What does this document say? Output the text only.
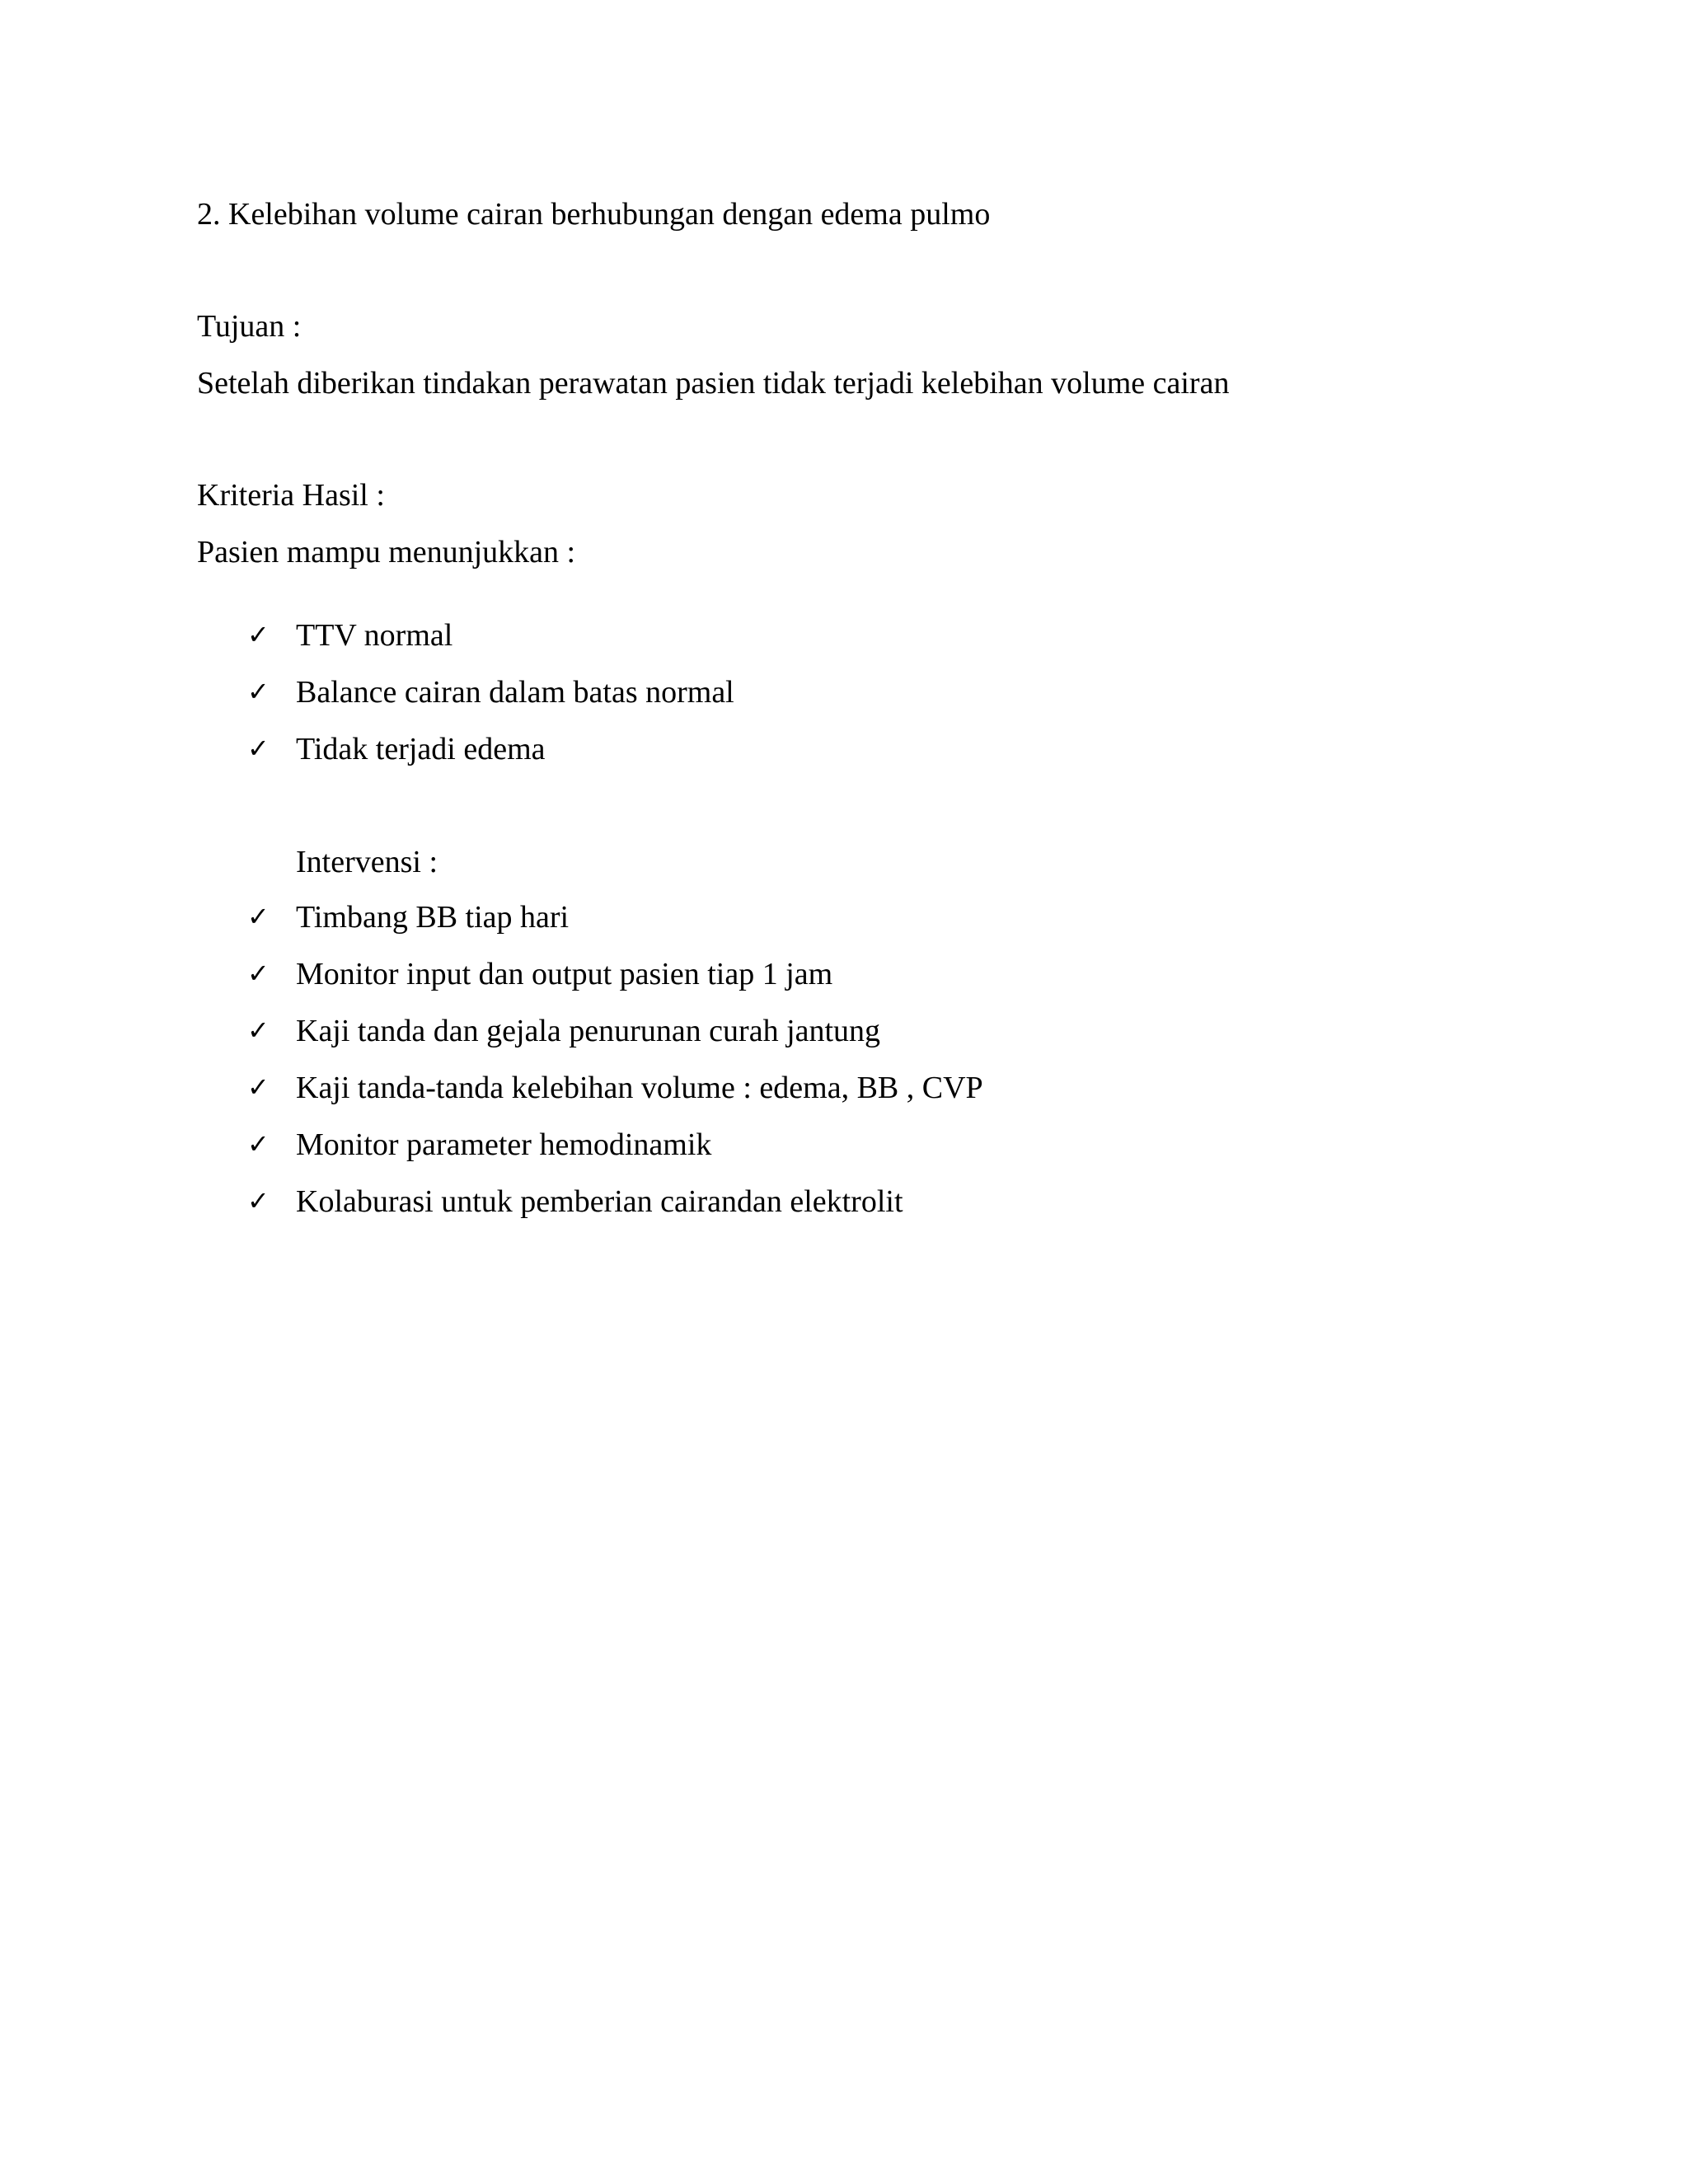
2. Kelebihan volume cairan berhubungan dengan edema pulmo
Tujuan :
Setelah diberikan tindakan perawatan pasien tidak terjadi kelebihan volume cairan
Kriteria Hasil :
Pasien mampu menunjukkan :
✓ TTV normal
✓ Balance cairan dalam batas normal
✓ Tidak terjadi edema
Intervensi :
✓ Timbang BB tiap hari
✓ Monitor input dan output pasien tiap 1 jam
✓ Kaji tanda dan gejala penurunan curah jantung
✓ Kaji tanda-tanda kelebihan volume : edema, BB , CVP
✓ Monitor parameter hemodinamik
✓ Kolaburasi untuk pemberian cairandan elektrolit
